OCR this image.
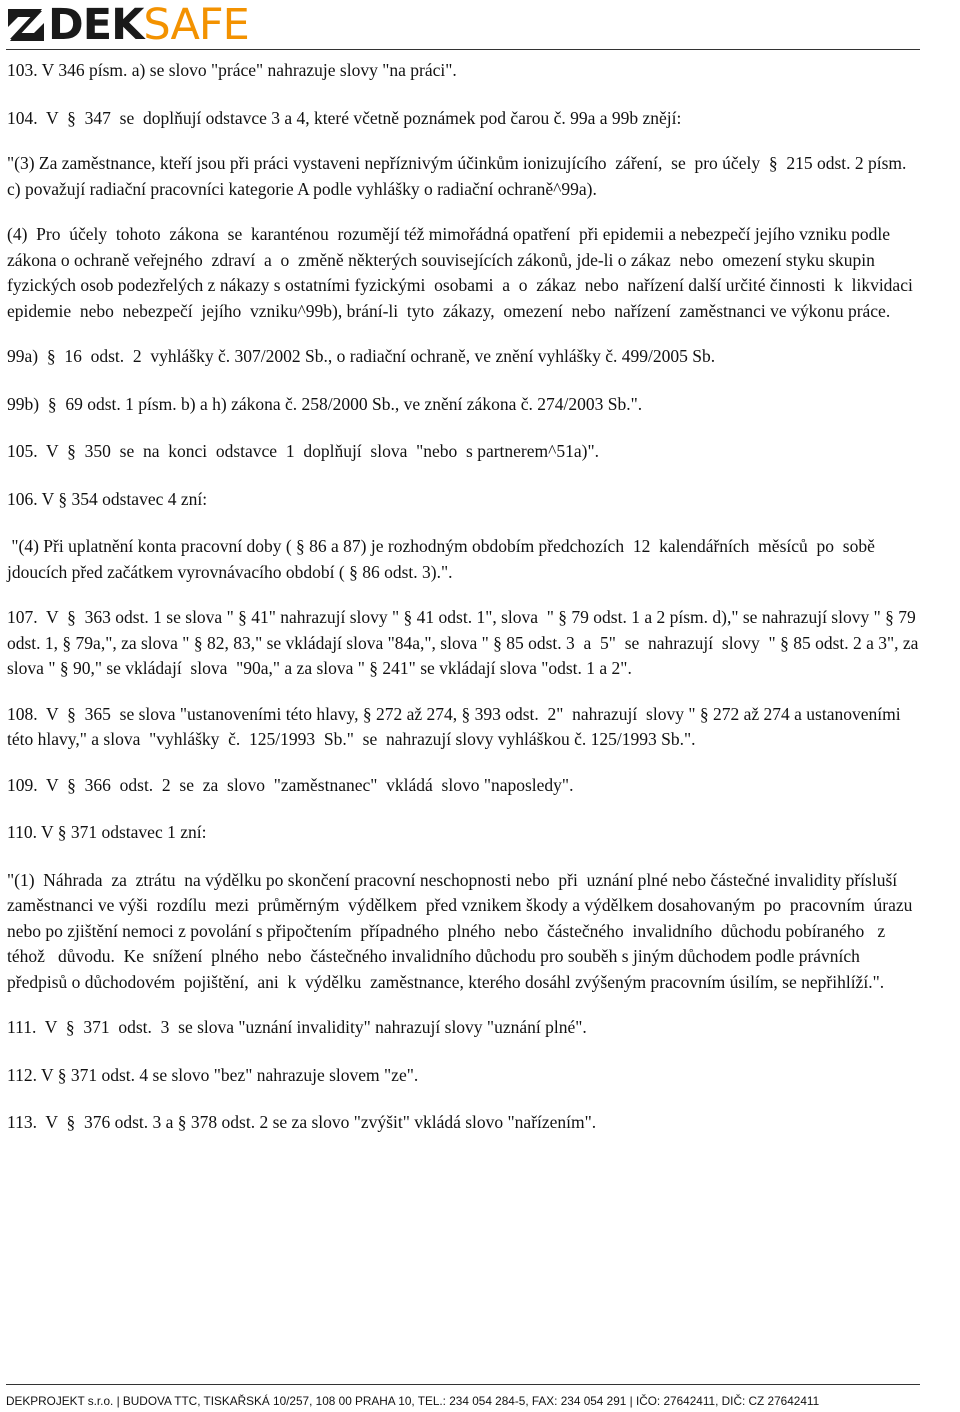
DEK SAFE

103. V 346 písm. a) se slovo "práce" nahrazuje slovy "na práci".

104.  V  §  347  se  doplňují odstavce 3 a 4, které včetně poznámek pod čarou č. 99a a 99b znějí:

"(3) Za zaměstnance, kteří jsou při práci vystaveni nepříznivým účinkům ionizujícího  záření,  se  pro účely  §  215 odst. 2 písm. c) považují radiační pracovníci kategorie A podle vyhlášky o radiační ochraně^99a).

(4)  Pro  účely  tohoto  zákona  se  karanténou  rozumějí též mimořádná opatření  při epidemii a nebezpečí jejího vzniku podle zákona o ochraně veřejného  zdraví  a  o  změně některých souvisejících zákonů, jde-li o zákaz  nebo  omezení styku skupin fyzických osob podezřelých z nákazy s ostatními fyzickými  osobami  a  o  zákaz  nebo  nařízení další určité činnosti  k  likvidaci  epidemie  nebo  nebezpečí  jejího  vzniku^99b), brání-li  tyto  zákazy,  omezení  nebo  nařízení  zaměstnanci ve výkonu práce.

99a)  §  16  odst.  2  vyhlášky č. 307/2002 Sb., o radiační ochraně, ve znění vyhlášky č. 499/2005 Sb.

99b)  §  69 odst. 1 písm. b) a h) zákona č. 258/2000 Sb., ve znění zákona č. 274/2003 Sb.".

105.  V  §  350  se  na  konci  odstavce  1  doplňují  slova  "nebo  s partnerem^51a)".

106. V § 354 odstavec 4 zní:

"(4) Při uplatnění konta pracovní doby ( § 86 a 87) je rozhodným obdobím předchozích  12  kalendářních  měsíců  po  sobě  jdoucích před začátkem vyrovnávacího období ( § 86 odst. 3).".

107.  V  §  363 odst. 1 se slova " § 41" nahrazují slovy " § 41 odst. 1", slova  " § 79 odst. 1 a 2 písm. d)," se nahrazují slovy " § 79 odst. 1, § 79a,", za slova " § 82, 83," se vkládají slova "84a,", slova " § 85 odst. 3  a  5"  se  nahrazují  slovy  " § 85 odst. 2 a 3", za slova " § 90," se vkládají  slova  "90a," a za slova " § 241" se vkládají slova "odst. 1 a 2".

108.  V  §  365  se slova "ustanoveními této hlavy, § 272 až 274, § 393 odst.  2"  nahrazují  slovy " § 272 až 274 a ustanoveními této hlavy," a slova  "vyhlášky  č.  125/1993  Sb."  se  nahrazují slovy vyhláškou č. 125/1993 Sb.".

109.  V  §  366  odst.  2  se  za  slovo  "zaměstnanec"  vkládá  slovo "naposledy".

110. V § 371 odstavec 1 zní:

"(1)  Náhrada  za  ztrátu  na výdělku po skončení pracovní neschopnosti nebo  při  uznání plné nebo částečné invalidity přísluší zaměstnanci ve výši  rozdílu  mezi  průměrným  výdělkem  před vznikem škody a výdělkem dosahovaným  po  pracovním  úrazu  nebo po zjištění nemoci z povolání s připočtením  případného  plného  nebo  částečného  invalidního  důchodu pobíraného   z   téhož   důvodu.  Ke  snížení  plného  nebo  částečného invalidního důchodu pro souběh s jiným důchodem podle právních předpisů o důchodovém  pojištění,  ani  k  výdělku  zaměstnance, kterého dosáhl zvýšeným pracovním úsilím, se nepřihlíží.".

111.  V  §  371  odst.  3  se slova "uznání invalidity" nahrazují slovy "uznání plné".

112. V § 371 odst. 4 se slovo "bez" nahrazuje slovem "ze".

113.  V  §  376 odst. 3 a § 378 odst. 2 se za slovo "zvýšit" vkládá slovo "nařízením".

DEKPROJEKT s.r.o. | BUDOVA TTC, TISKAŘSKÁ 10/257, 108 00 PRAHA 10, TEL.: 234 054 284-5, FAX: 234 054 291 | IČO: 27642411, DIČ: CZ 27642411
